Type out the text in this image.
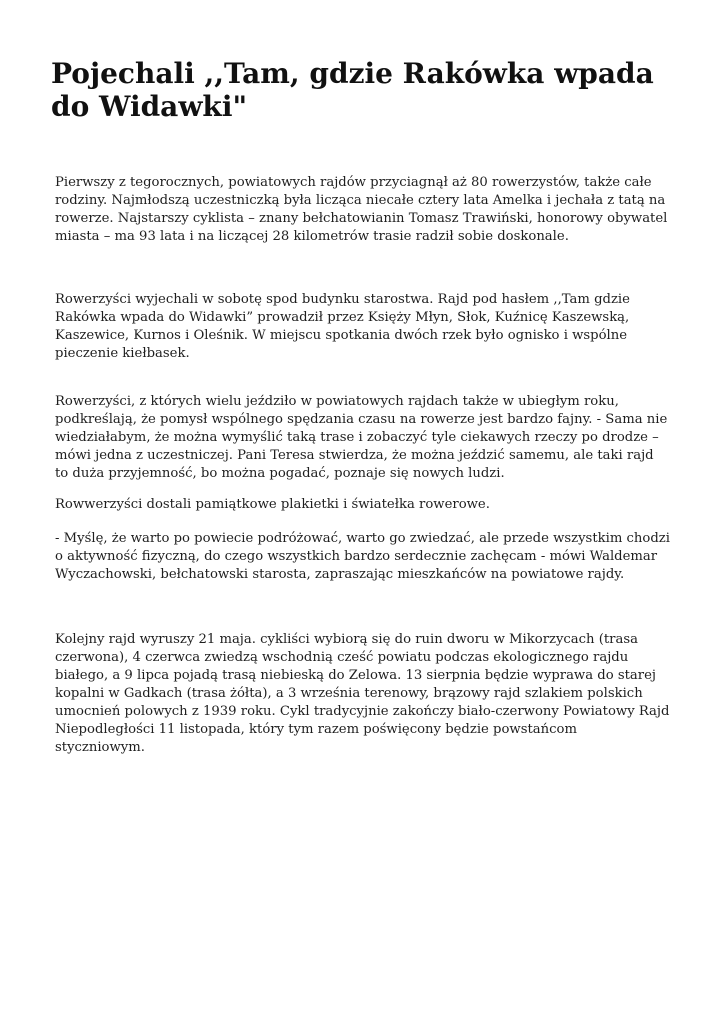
Pojechali ,,Tam, gdzie Rakówka wpada do Widawki"

Pierwszy z tegorocznych, powiatowych rajdów przyciagnął aż 80 rowerzystów, także całe rodziny. Najmłodszą uczestniczką była licząca niecałe cztery lata Amelka i jechała z tatą na rowerze. Najstarszy cyklista – znany bełchatowianin Tomasz Trawiński, honorowy obywatel miasta – ma 93 lata i na liczącej 28 kilometrów trasie radził sobie doskonale.

Rowerzyści wyjechali w sobotę spod budynku starostwa. Rajd pod hasłem ,,Tam gdzie Rakówka wpada do Widawki” prowadził przez Księży Młyn, Słok, Kuźnicę Kaszewską, Kaszewice, Kurnos i Oleśnik. W miejscu spotkania dwóch rzek było ognisko i wspólne pieczenie kiełbasek.

Rowerzyści, z których wielu jeździło w powiatowych rajdach także w ubiegłym roku, podkreślają, że pomysł wspólnego spędzania czasu na rowerze jest bardzo fajny. - Sama nie wiedziałabym, że można wymyślić taką trase i zobaczyć tyle ciekawych rzeczy po drodze – mówi jedna z uczestniczej. Pani Teresa stwierdza, że można jeździć samemu, ale taki rajd to duża przyjemność, bo można pogadać, poznaje się nowych ludzi.

Rowwerzyści dostali pamiątkowe plakietki i światełka rowerowe.

- Myślę, że warto po powiecie podróżować, warto go zwiedzać, ale przede wszystkim chodzi o aktywność fizyczną, do czego wszystkich bardzo serdecznie zachęcam - mówi Waldemar Wyczachowski, bełchatowski starosta, zapraszając mieszkańców na powiatowe rajdy.

Kolejny rajd wyruszy 21 maja. cykliści wybiorą się do ruin dworu w Mikorzycach (trasa czerwona), 4 czerwca zwiedzą wschodnią cześć powiatu podczas ekologicznego rajdu białego, a 9 lipca pojadą trasą niebieską do Zelowa. 13 sierpnia będzie wyprawa do starej kopalni w Gadkach (trasa żółta), a 3 września terenowy, brązowy rajd szlakiem polskich umocnień polowych z 1939 roku. Cykl tradycyjnie zakończy biało-czerwony Powiatowy Rajd Niepodległości 11 listopada, który tym razem poświęcony będzie powstańcom styczniowym.
